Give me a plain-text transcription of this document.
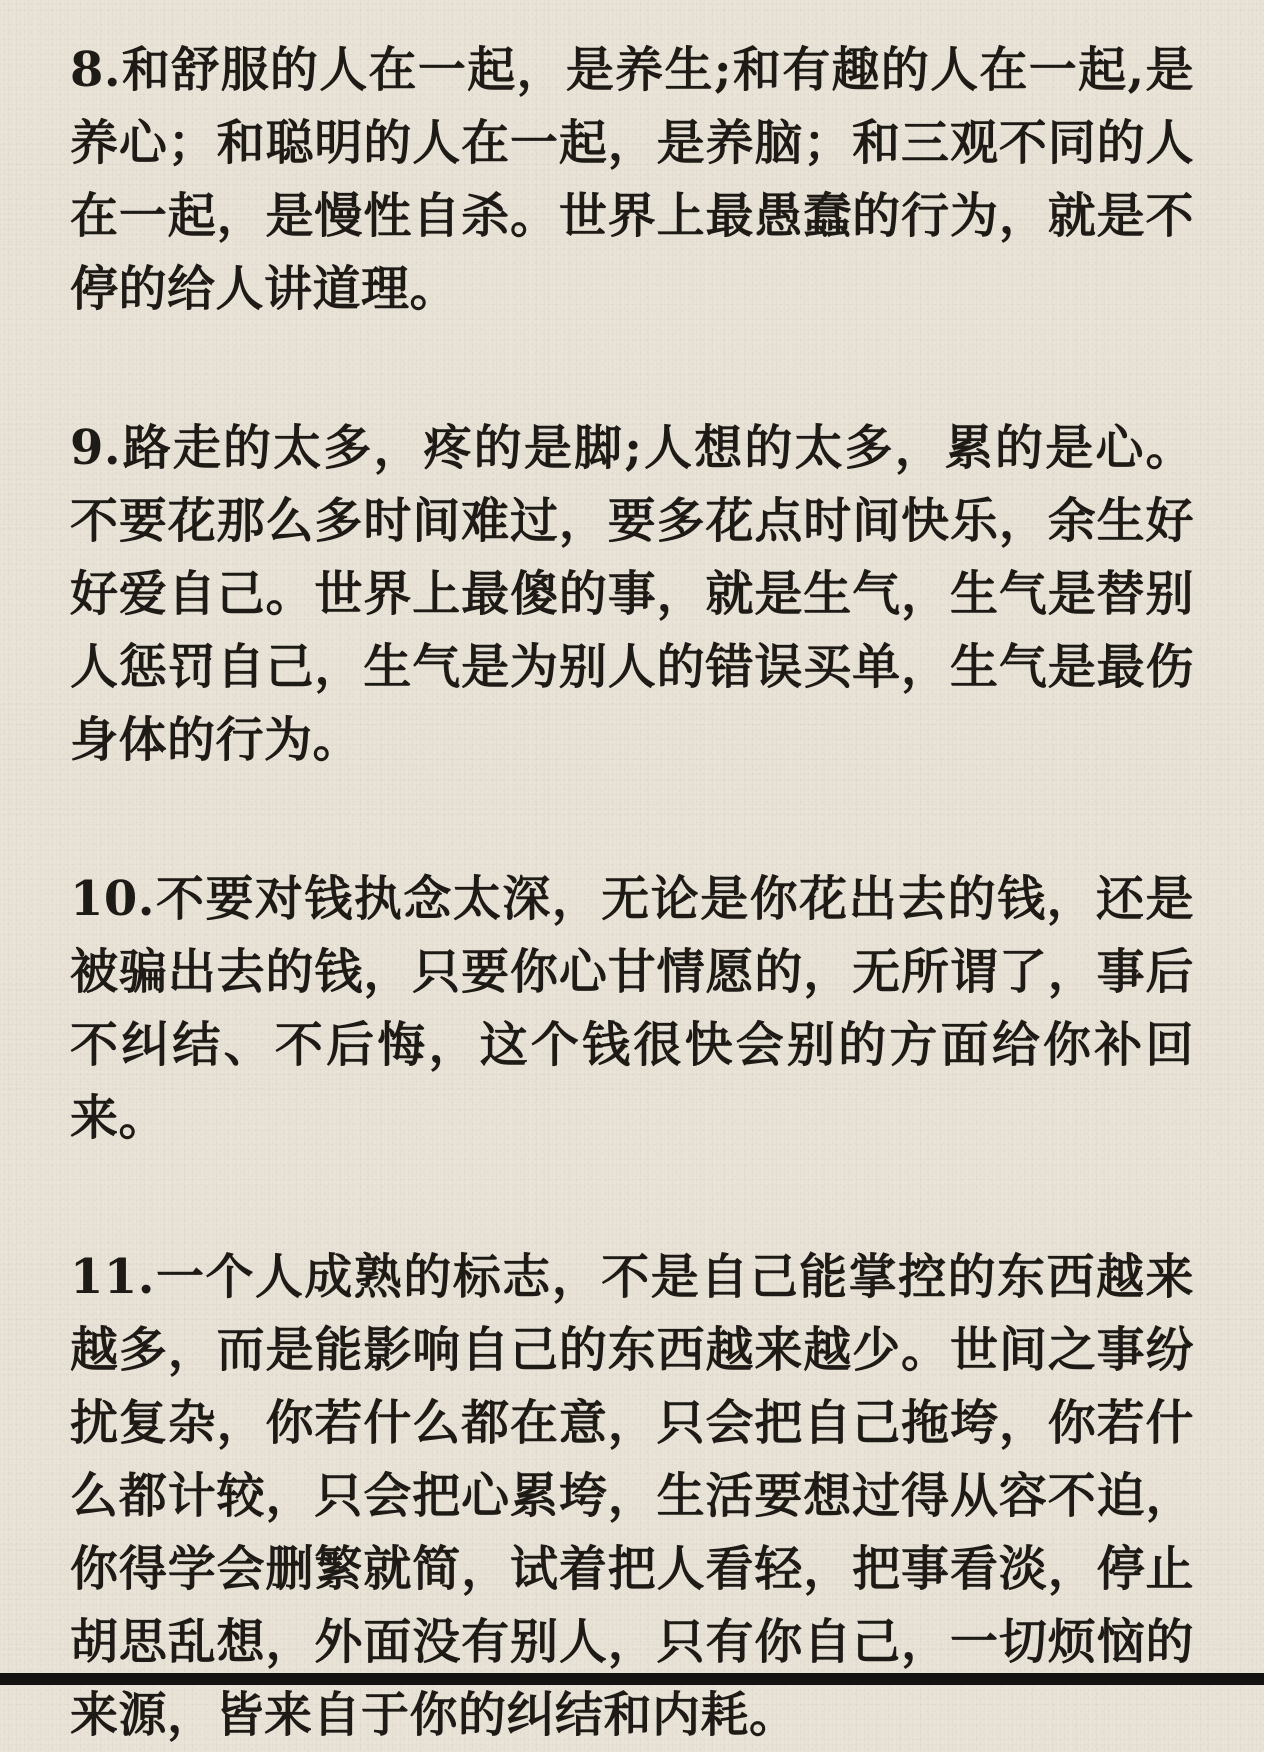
8.和舒服的人在一起，是养生;和有趣的人在一起,是养心；和聪明的人在一起，是养脑；和三观不同的人在一起，是慢性自杀。世界上最愚蠢的行为，就是不停的给人讲道理。

9.路走的太多，疼的是脚;人想的太多，累的是心。不要花那么多时间难过，要多花点时间快乐，余生好好爱自己。世界上最傻的事，就是生气，生气是替别人惩罚自己，生气是为别人的错误买单，生气是最伤身体的行为。

10.不要对钱执念太深，无论是你花出去的钱，还是被骗出去的钱，只要你心甘情愿的，无所谓了，事后不纠结、不后悔，这个钱很快会别的方面给你补回来。

11.一个人成熟的标志，不是自己能掌控的东西越来越多，而是能影响自己的东西越来越少。世间之事纷扰复杂，你若什么都在意，只会把自己拖垮，你若什么都计较，只会把心累垮，生活要想过得从容不迫，你得学会删繁就简，试着把人看轻，把事看淡，停止胡思乱想，外面没有别人，只有你自己，一切烦恼的来源，皆来自于你的纠结和内耗。
